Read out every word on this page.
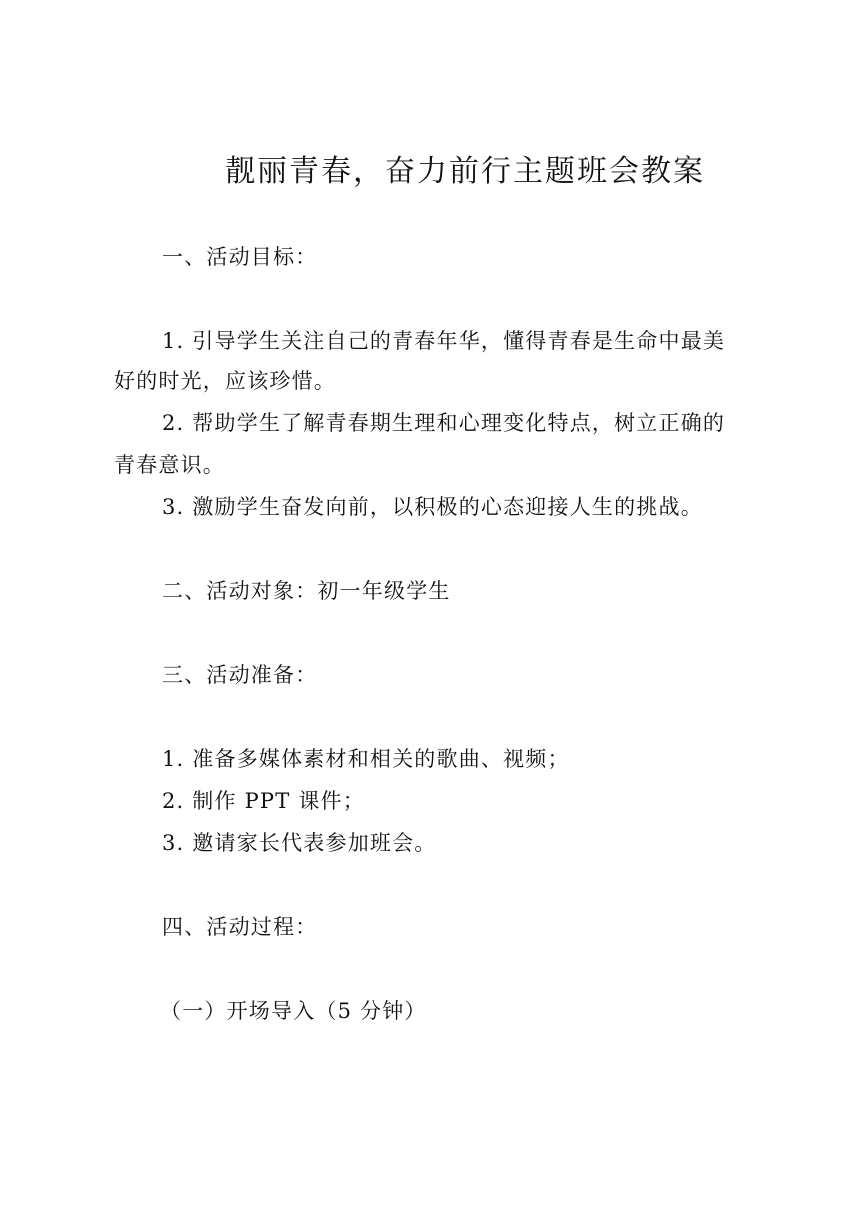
靓丽青春，奋力前行主题班会教案
一、活动目标：
1. 引导学生关注自己的青春年华，懂得青春是生命中最美
好的时光，应该珍惜。
2. 帮助学生了解青春期生理和心理变化特点，树立正确的
青春意识。
3. 激励学生奋发向前，以积极的心态迎接人生的挑战。
二、活动对象：初一年级学生
三、活动准备：
1. 准备多媒体素材和相关的歌曲、视频；
2. 制作 PPT 课件；
3. 邀请家长代表参加班会。
四、活动过程：
（一）开场导入（5 分钟）
